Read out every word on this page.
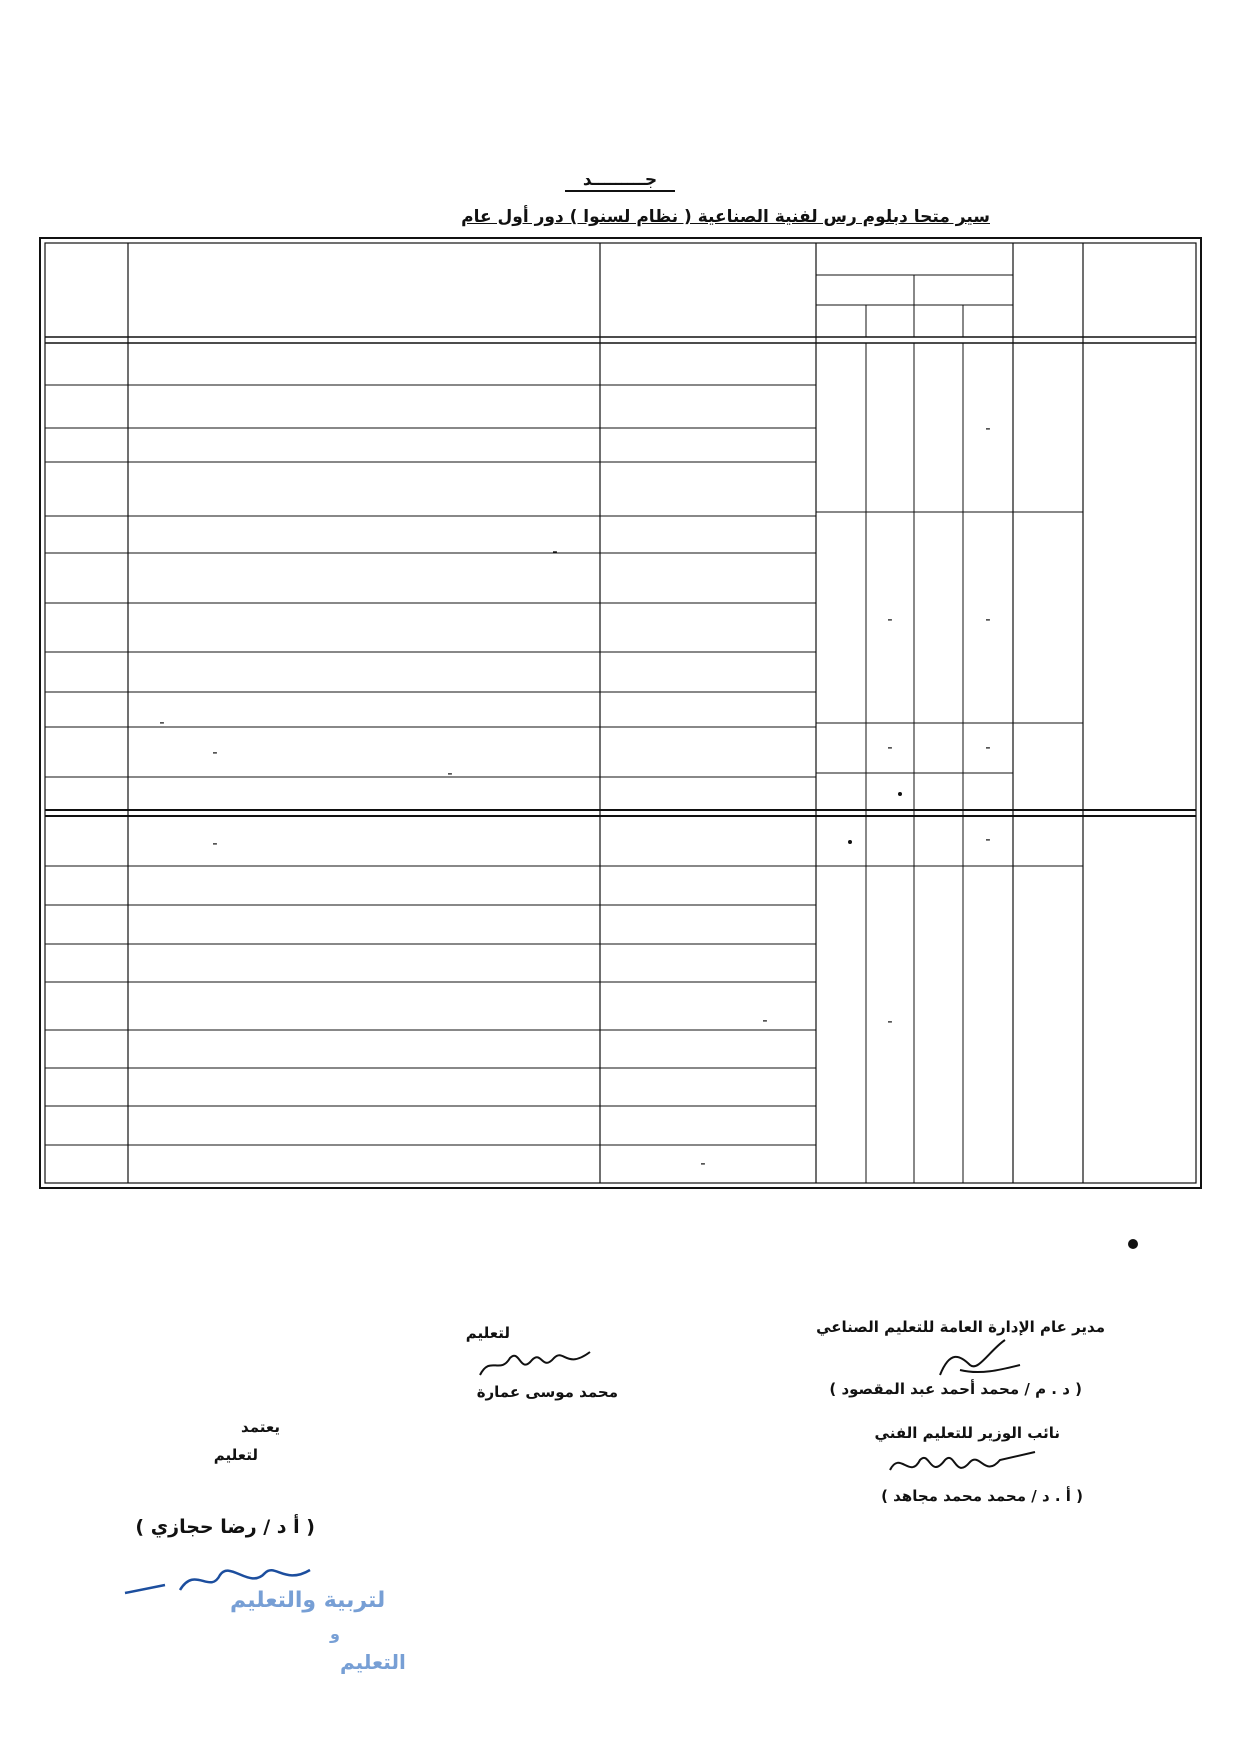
جـــــــــد
سير متحا دبلوم رس لفنية الصناعية ( نظام لسنوا ) دور أول عام
-
-	-
-	-
-
-
-
-
-
-
-
-
-
مدير عام الإدارة العامة للتعليم الصناعي
( د . م / محمد أحمد عبد المقصود )
نائب الوزير للتعليم الفني
( أ . د / محمد محمد مجاهد )
لتعليم
محمد موسى عمارة
يعتمد
لتعليم
( أ د / رضا حجازي )
لتربية والتعليم
و
التعليم
